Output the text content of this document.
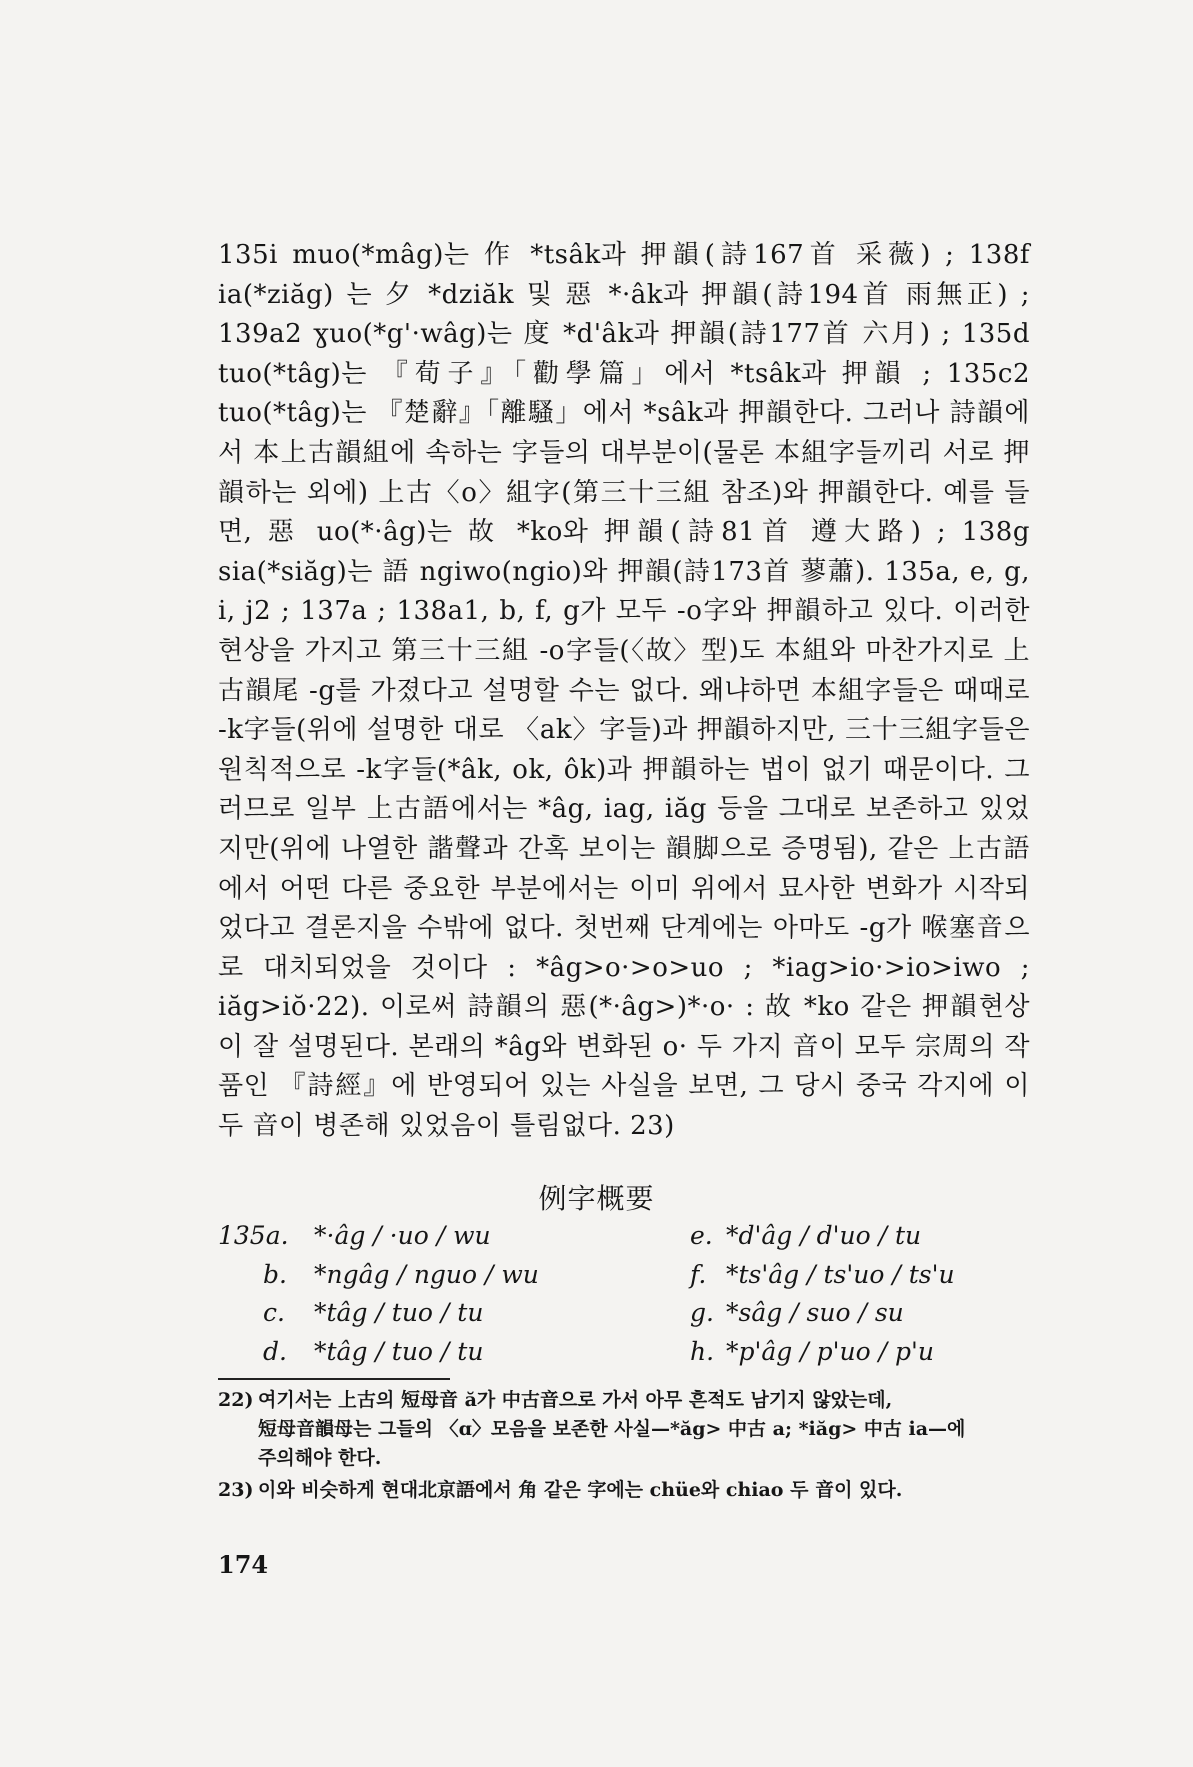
135i muo(*mâg)는 作 *tsâk과 押韻(詩167首 采薇) ; 138f ia(*ziăg) 는 夕 *dziăk 및 惡 *·âk과 押韻(詩194首 雨無正) ; 139a2 ɣuo(*g'·wâg)는 度 *d'âk과 押韻(詩177首 六月) ; 135d tuo(*tâg)는 『荀子』「勸學篇」에서 *tsâk과 押韻 ; 135c2 tuo(*tâg)는 『楚辭』「離騷」에서 *sâk과 押韻한다. 그러나 詩韻에서 本上古韻組에 속하는 字들의 대부분이(물론 本組字들끼리 서로 押韻하는 외에) 上古〈o〉組字(第三十三組 참조)와 押韻한다. 예를 들면, 惡 uo(*·âg)는 故 *ko와 押韻(詩81首 遵大路) ; 138g sia(*siăg)는 語 ngiwo(ngio)와 押韻(詩173首 蓼蕭). 135a, e, g, i, j2 ; 137a ; 138a1, b, f, g가 모두 -o字와 押韻하고 있다. 이러한 현상을 가지고 第三十三組 -o字들(〈故〉型)도 本組와 마찬가지로 上古韻尾 -g를 가졌다고 설명할 수는 없다. 왜냐하면 本組字들은 때때로 -k字들(위에 설명한 대로 〈ak〉字들)과 押韻하지만, 三十三組字들은 원칙적으로 -k字들(*âk, ok, ôk)과 押韻하는 법이 없기 때문이다. 그러므로 일부 上古語에서는 *âg, iag, iăg 등을 그대로 보존하고 있었지만(위에 나열한 諧聲과 간혹 보이는 韻脚으로 증명됨), 같은 上古語에서 어떤 다른 중요한 부분에서는 이미 위에서 묘사한 변화가 시작되었다고 결론지을 수밖에 없다. 첫번째 단계에는 아마도 -g가 喉塞音으로 대치되었을 것이다 : *âg>o·>o>uo ; *iag>io·>io>iwo ; iăg>iŏ·22). 이로써 詩韻의 惡(*·âg>)*·o· : 故 *ko 같은 押韻현상이 잘 설명된다. 본래의 *âg와 변화된 o· 두 가지 音이 모두 宗周의 작품인 『詩經』에 반영되어 있는 사실을 보면, 그 당시 중국 각지에 이 두 音이 병존해 있었음이 틀림없다. 23)

例字概要
135a. *·âg / ·uo / wu	e. *d'âg / d'uo / tu
b.	*ngâg / nguo / wu	f. *ts'âg / ts'uo / ts'u
c.	*tâg / tuo / tu	g. *sâg / suo / su
d.	*tâg / tuo / tu	h. *p'âg / p'uo / p'u
22) 여기서는 上古의 短母音 ă가 中古音으로 가서 아무 흔적도 남기지 않았는데,
短母音韻母는 그들의 〈ɑ〉모음을 보존한 사실—*ăg> 中古 a; *iăg> 中古 ia—에
주의해야 한다.
23) 이와 비슷하게 현대北京語에서 角 같은 字에는 chüe와 chiao 두 音이 있다.
174
